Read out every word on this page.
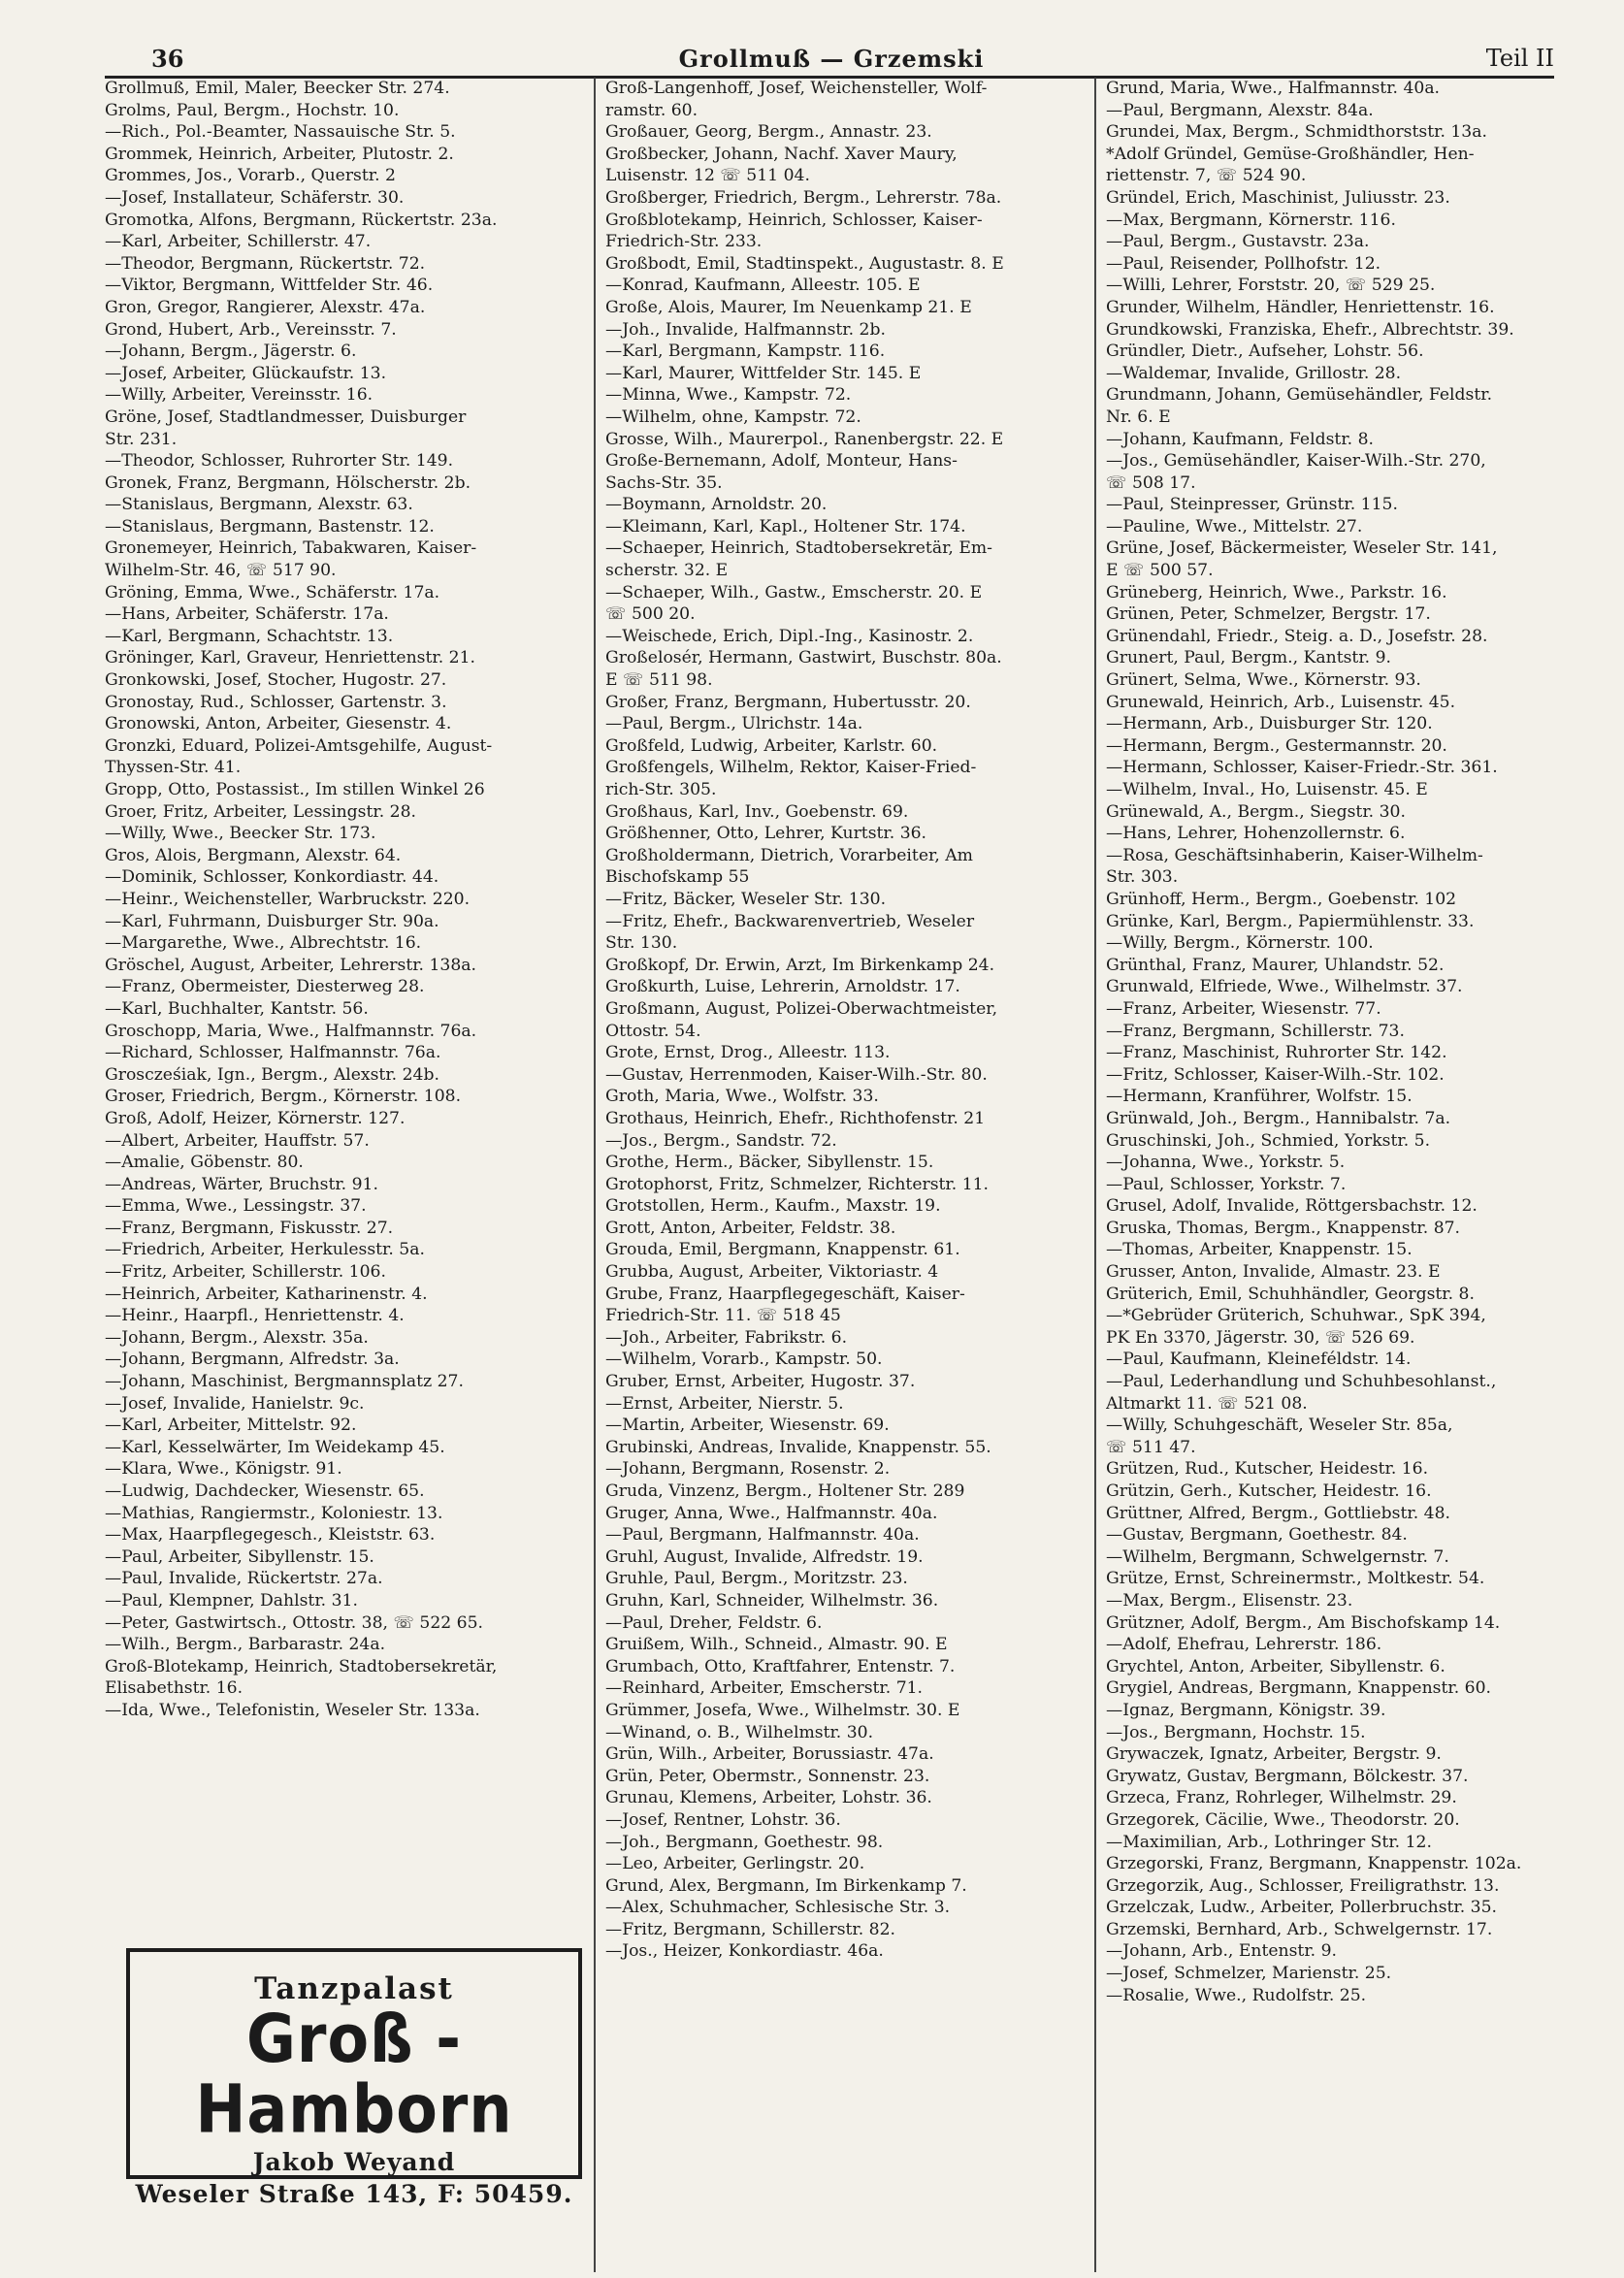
36	Grollmuß — Grzemski	Teil II
Grollmuß, Emil, Maler, Beecker Str. 274.
Grolms, Paul, Bergm., Hochstr. 10.
—Rich., Pol.-Beamter, Nassauische Str. 5.
Grommek, Heinrich, Arbeiter, Plutostr. 2.
Grommes, Jos., Vorarb., Querstr. 2
—Josef, Installateur, Schäferstr. 30.
Gromotka, Alfons, Bergmann, Rückertstr. 23a.
—Karl, Arbeiter, Schillerstr. 47.
—Theodor, Bergmann, Rückertstr. 72.
—Viktor, Bergmann, Wittfelder Str. 46.
Gron, Gregor, Rangierer, Alexstr. 47a.
Grond, Hubert, Arb., Vereinsstr. 7.
—Johann, Bergm., Jägerstr. 6.
—Josef, Arbeiter, Glückaufstr. 13.
—Willy, Arbeiter, Vereinsstr. 16.
Gröne, Josef, Stadtlandmesser, Duisburger
Str. 231.
—Theodor, Schlosser, Ruhrorter Str. 149.
Gronek, Franz, Bergmann, Hölscherstr. 2b.
—Stanislaus, Bergmann, Alexstr. 63.
—Stanislaus, Bergmann, Bastenstr. 12.
Gronemeyer, Heinrich, Tabakwaren, Kaiser-
Wilhelm-Str. 46, ☏ 517 90.
Gröning, Emma, Wwe., Schäferstr. 17a.
—Hans, Arbeiter, Schäferstr. 17a.
—Karl, Bergmann, Schachtstr. 13.
Gröninger, Karl, Graveur, Henriettenstr. 21.
Gronkowski, Josef, Stocher, Hugostr. 27.
Gronostay, Rud., Schlosser, Gartenstr. 3.
Gronowski, Anton, Arbeiter, Giesenstr. 4.
Gronzki, Eduard, Polizei-Amtsgehilfe, August-
Thyssen-Str. 41.
Gropp, Otto, Postassist., Im stillen Winkel 26
Groer, Fritz, Arbeiter, Lessingstr. 28.
—Willy, Wwe., Beecker Str. 173.
Gros, Alois, Bergmann, Alexstr. 64.
—Dominik, Schlosser, Konkordiastr. 44.
—Heinr., Weichensteller, Warbruckstr. 220.
—Karl, Fuhrmann, Duisburger Str. 90a.
—Margarethe, Wwe., Albrechtstr. 16.
Gröschel, August, Arbeiter, Lehrerstr. 138a.
—Franz, Obermeister, Diesterweg 28.
—Karl, Buchhalter, Kantstr. 56.
Groschopp, Maria, Wwe., Halfmannstr. 76a.
—Richard, Schlosser, Halfmannstr. 76a.
Groscześiak, Ign., Bergm., Alexstr. 24b.
Groser, Friedrich, Bergm., Körnerstr. 108.
Groß, Adolf, Heizer, Körnerstr. 127.
—Albert, Arbeiter, Hauffstr. 57.
—Amalie, Göbenstr. 80.
—Andreas, Wärter, Bruchstr. 91.
—Emma, Wwe., Lessingstr. 37.
—Franz, Bergmann, Fiskusstr. 27.
—Friedrich, Arbeiter, Herkulesstr. 5a.
—Fritz, Arbeiter, Schillerstr. 106.
—Heinrich, Arbeiter, Katharinenstr. 4.
—Heinr., Haarpfl., Henriettenstr. 4.
—Johann, Bergm., Alexstr. 35a.
—Johann, Bergmann, Alfredstr. 3a.
—Johann, Maschinist, Bergmannsplatz 27.
—Josef, Invalide, Hanielstr. 9c.
—Karl, Arbeiter, Mittelstr. 92.
—Karl, Kesselwärter, Im Weidekamp 45.
—Klara, Wwe., Königstr. 91.
—Ludwig, Dachdecker, Wiesenstr. 65.
—Mathias, Rangiermstr., Koloniestr. 13.
—Max, Haarpflegegesch., Kleiststr. 63.
—Paul, Arbeiter, Sibyllenstr. 15.
—Paul, Invalide, Rückertstr. 27a.
—Paul, Klempner, Dahlstr. 31.
—Peter, Gastwirtsch., Ottostr. 38, ☏ 522 65.
—Wilh., Bergm., Barbarastr. 24a.
Groß-Blotekamp, Heinrich, Stadtobersekretär,
Elisabethstr. 16.
—Ida, Wwe., Telefonistin, Weseler Str. 133a.
Groß-Langenhoff, Josef, Weichensteller, Wolf-
ramstr. 60.
Großauer, Georg, Bergm., Annastr. 23.
Großbecker, Johann, Nachf. Xaver Maury,
Luisenstr. 12 ☏ 511 04.
Großberger, Friedrich, Bergm., Lehrerstr. 78a.
Großblotekamp, Heinrich, Schlosser, Kaiser-
Friedrich-Str. 233.
Großbodt, Emil, Stadtinspekt., Augustastr. 8. E
—Konrad, Kaufmann, Alleestr. 105. E
Große, Alois, Maurer, Im Neuenkamp 21. E
—Joh., Invalide, Halfmannstr. 2b.
—Karl, Bergmann, Kampstr. 116.
—Karl, Maurer, Wittfelder Str. 145. E
—Minna, Wwe., Kampstr. 72.
—Wilhelm, ohne, Kampstr. 72.
Grosse, Wilh., Maurerpol., Ranenbergstr. 22. E
Große-Bernemann, Adolf, Monteur, Hans-
Sachs-Str. 35.
—Boymann, Arnoldstr. 20.
—Kleimann, Karl, Kapl., Holtener Str. 174.
—Schaeper, Heinrich, Stadtobersekretär, Em-
scherstr. 32. E
—Schaeper, Wilh., Gastw., Emscherstr. 20. E
☏ 500 20.
—Weischede, Erich, Dipl.-Ing., Kasinostr. 2.
Großelosér, Hermann, Gastwirt, Buschstr. 80a.
E ☏ 511 98.
Großer, Franz, Bergmann, Hubertusstr. 20.
—Paul, Bergm., Ulrichstr. 14a.
Großfeld, Ludwig, Arbeiter, Karlstr. 60.
Großfengels, Wilhelm, Rektor, Kaiser-Fried-
rich-Str. 305.
Großhaus, Karl, Inv., Goebenstr. 69.
Größhenner, Otto, Lehrer, Kurtstr. 36.
Großholdermann, Dietrich, Vorarbeiter, Am
Bischofskamp 55
—Fritz, Bäcker, Weseler Str. 130.
—Fritz, Ehefr., Backwarenvertrieb, Weseler
Str. 130.
Großkopf, Dr. Erwin, Arzt, Im Birkenkamp 24.
Großkurth, Luise, Lehrerin, Arnoldstr. 17.
Großmann, August, Polizei-Oberwachtmeister,
Ottostr. 54.
Grote, Ernst, Drog., Alleestr. 113.
—Gustav, Herrenmoden, Kaiser-Wilh.-Str. 80.
Groth, Maria, Wwe., Wolfstr. 33.
Grothaus, Heinrich, Ehefr., Richthofenstr. 21
—Jos., Bergm., Sandstr. 72.
Grothe, Herm., Bäcker, Sibyllenstr. 15.
Grotophorst, Fritz, Schmelzer, Richterstr. 11.
Grotstollen, Herm., Kaufm., Maxstr. 19.
Grott, Anton, Arbeiter, Feldstr. 38.
Grouda, Emil, Bergmann, Knappenstr. 61.
Grubba, August, Arbeiter, Viktoriastr. 4
Grube, Franz, Haarpflegegeschäft, Kaiser-
Friedrich-Str. 11. ☏ 518 45
—Joh., Arbeiter, Fabrikstr. 6.
—Wilhelm, Vorarb., Kampstr. 50.
Gruber, Ernst, Arbeiter, Hugostr. 37.
—Ernst, Arbeiter, Nierstr. 5.
—Martin, Arbeiter, Wiesenstr. 69.
Grubinski, Andreas, Invalide, Knappenstr. 55.
—Johann, Bergmann, Rosenstr. 2.
Gruda, Vinzenz, Bergm., Holtener Str. 289
Gruger, Anna, Wwe., Halfmannstr. 40a.
—Paul, Bergmann, Halfmannstr. 40a.
Gruhl, August, Invalide, Alfredstr. 19.
Gruhle, Paul, Bergm., Moritzstr. 23.
Gruhn, Karl, Schneider, Wilhelmstr. 36.
—Paul, Dreher, Feldstr. 6.
Gruißem, Wilh., Schneid., Almastr. 90. E
Grumbach, Otto, Kraftfahrer, Entenstr. 7.
—Reinhard, Arbeiter, Emscherstr. 71.
Grümmer, Josefa, Wwe., Wilhelmstr. 30. E
—Winand, o. B., Wilhelmstr. 30.
Grün, Wilh., Arbeiter, Borussiastr. 47a.
Grün, Peter, Obermstr., Sonnenstr. 23.
Grunau, Klemens, Arbeiter, Lohstr. 36.
—Josef, Rentner, Lohstr. 36.
—Joh., Bergmann, Goethestr. 98.
—Leo, Arbeiter, Gerlingstr. 20.
Grund, Alex, Bergmann, Im Birkenkamp 7.
—Alex, Schuhmacher, Schlesische Str. 3.
—Fritz, Bergmann, Schillerstr. 82.
—Jos., Heizer, Konkordiastr. 46a.
Grund, Maria, Wwe., Halfmannstr. 40a.
—Paul, Bergmann, Alexstr. 84a.
Grundei, Max, Bergm., Schmidthorststr. 13a.
*Adolf Gründel, Gemüse-Großhändler, Hen-
riettenstr. 7, ☏ 524 90.
Gründel, Erich, Maschinist, Juliusstr. 23.
—Max, Bergmann, Körnerstr. 116.
—Paul, Bergm., Gustavstr. 23a.
—Paul, Reisender, Pollhofstr. 12.
—Willi, Lehrer, Forststr. 20, ☏ 529 25.
Grunder, Wilhelm, Händler, Henriettenstr. 16.
Grundkowski, Franziska, Ehefr., Albrechtstr. 39.
Gründler, Dietr., Aufseher, Lohstr. 56.
—Waldemar, Invalide, Grillostr. 28.
Grundmann, Johann, Gemüsehändler, Feldstr.
Nr. 6. E
—Johann, Kaufmann, Feldstr. 8.
—Jos., Gemüsehändler, Kaiser-Wilh.-Str. 270,
☏ 508 17.
—Paul, Steinpresser, Grünstr. 115.
—Pauline, Wwe., Mittelstr. 27.
Grüne, Josef, Bäckermeister, Weseler Str. 141,
E ☏ 500 57.
Grüneberg, Heinrich, Wwe., Parkstr. 16.
Grünen, Peter, Schmelzer, Bergstr. 17.
Grünendahl, Friedr., Steig. a. D., Josefstr. 28.
Grunert, Paul, Bergm., Kantstr. 9.
Grünert, Selma, Wwe., Körnerstr. 93.
Grunewald, Heinrich, Arb., Luisenstr. 45.
—Hermann, Arb., Duisburger Str. 120.
—Hermann, Bergm., Gestermannstr. 20.
—Hermann, Schlosser, Kaiser-Friedr.-Str. 361.
—Wilhelm, Inval., Ho, Luisenstr. 45. E
Grünewald, A., Bergm., Siegstr. 30.
—Hans, Lehrer, Hohenzollernstr. 6.
—Rosa, Geschäftsinhaberin, Kaiser-Wilhelm-
Str. 303.
Grünhoff, Herm., Bergm., Goebenstr. 102
Grünke, Karl, Bergm., Papiermühlenstr. 33.
—Willy, Bergm., Körnerstr. 100.
Grünthal, Franz, Maurer, Uhlandstr. 52.
Grunwald, Elfriede, Wwe., Wilhelmstr. 37.
—Franz, Arbeiter, Wiesenstr. 77.
—Franz, Bergmann, Schillerstr. 73.
—Franz, Maschinist, Ruhrorter Str. 142.
—Fritz, Schlosser, Kaiser-Wilh.-Str. 102.
—Hermann, Kranführer, Wolfstr. 15.
Grünwald, Joh., Bergm., Hannibalstr. 7a.
Gruschinski, Joh., Schmied, Yorkstr. 5.
—Johanna, Wwe., Yorkstr. 5.
—Paul, Schlosser, Yorkstr. 7.
Grusel, Adolf, Invalide, Röttgersbachstr. 12.
Gruska, Thomas, Bergm., Knappenstr. 87.
—Thomas, Arbeiter, Knappenstr. 15.
Grusser, Anton, Invalide, Almastr. 23. E
Grüterich, Emil, Schuhhändler, Georgstr. 8.
—*Gebrüder Grüterich, Schuhwar., SpK 394,
PK En 3370, Jägerstr. 30, ☏ 526 69.
—Paul, Kaufmann, Kleineféldstr. 14.
—Paul, Lederhandlung und Schuhbesohlanst.,
Altmarkt 11. ☏ 521 08.
—Willy, Schuhgeschäft, Weseler Str. 85a,
☏ 511 47.
Grützen, Rud., Kutscher, Heidestr. 16.
Grützin, Gerh., Kutscher, Heidestr. 16.
Grüttner, Alfred, Bergm., Gottliebstr. 48.
—Gustav, Bergmann, Goethestr. 84.
—Wilhelm, Bergmann, Schwelgernstr. 7.
Grütze, Ernst, Schreinermstr., Moltkestr. 54.
—Max, Bergm., Elisenstr. 23.
Grützner, Adolf, Bergm., Am Bischofskamp 14.
—Adolf, Ehefrau, Lehrerstr. 186.
Grychtel, Anton, Arbeiter, Sibyllenstr. 6.
Grygiel, Andreas, Bergmann, Knappenstr. 60.
—Ignaz, Bergmann, Königstr. 39.
—Jos., Bergmann, Hochstr. 15.
Grywaczek, Ignatz, Arbeiter, Bergstr. 9.
Grywatz, Gustav, Bergmann, Bölckestr. 37.
Grzeca, Franz, Rohrleger, Wilhelmstr. 29.
Grzegorek, Cäcilie, Wwe., Theodorstr. 20.
—Maximilian, Arb., Lothringer Str. 12.
Grzegorski, Franz, Bergmann, Knappenstr. 102a.
Grzegorzik, Aug., Schlosser, Freiligrathstr. 13.
Grzelczak, Ludw., Arbeiter, Pollerbruchstr. 35.
Grzemski, Bernhard, Arb., Schwelgernstr. 17.
—Johann, Arb., Entenstr. 9.
—Josef, Schmelzer, Marienstr. 25.
—Rosalie, Wwe., Rudolfstr. 25.
Tanzpalast
Groß - Hamborn
Jakob Weyand
Weseler Straße 143, F: 50459.
